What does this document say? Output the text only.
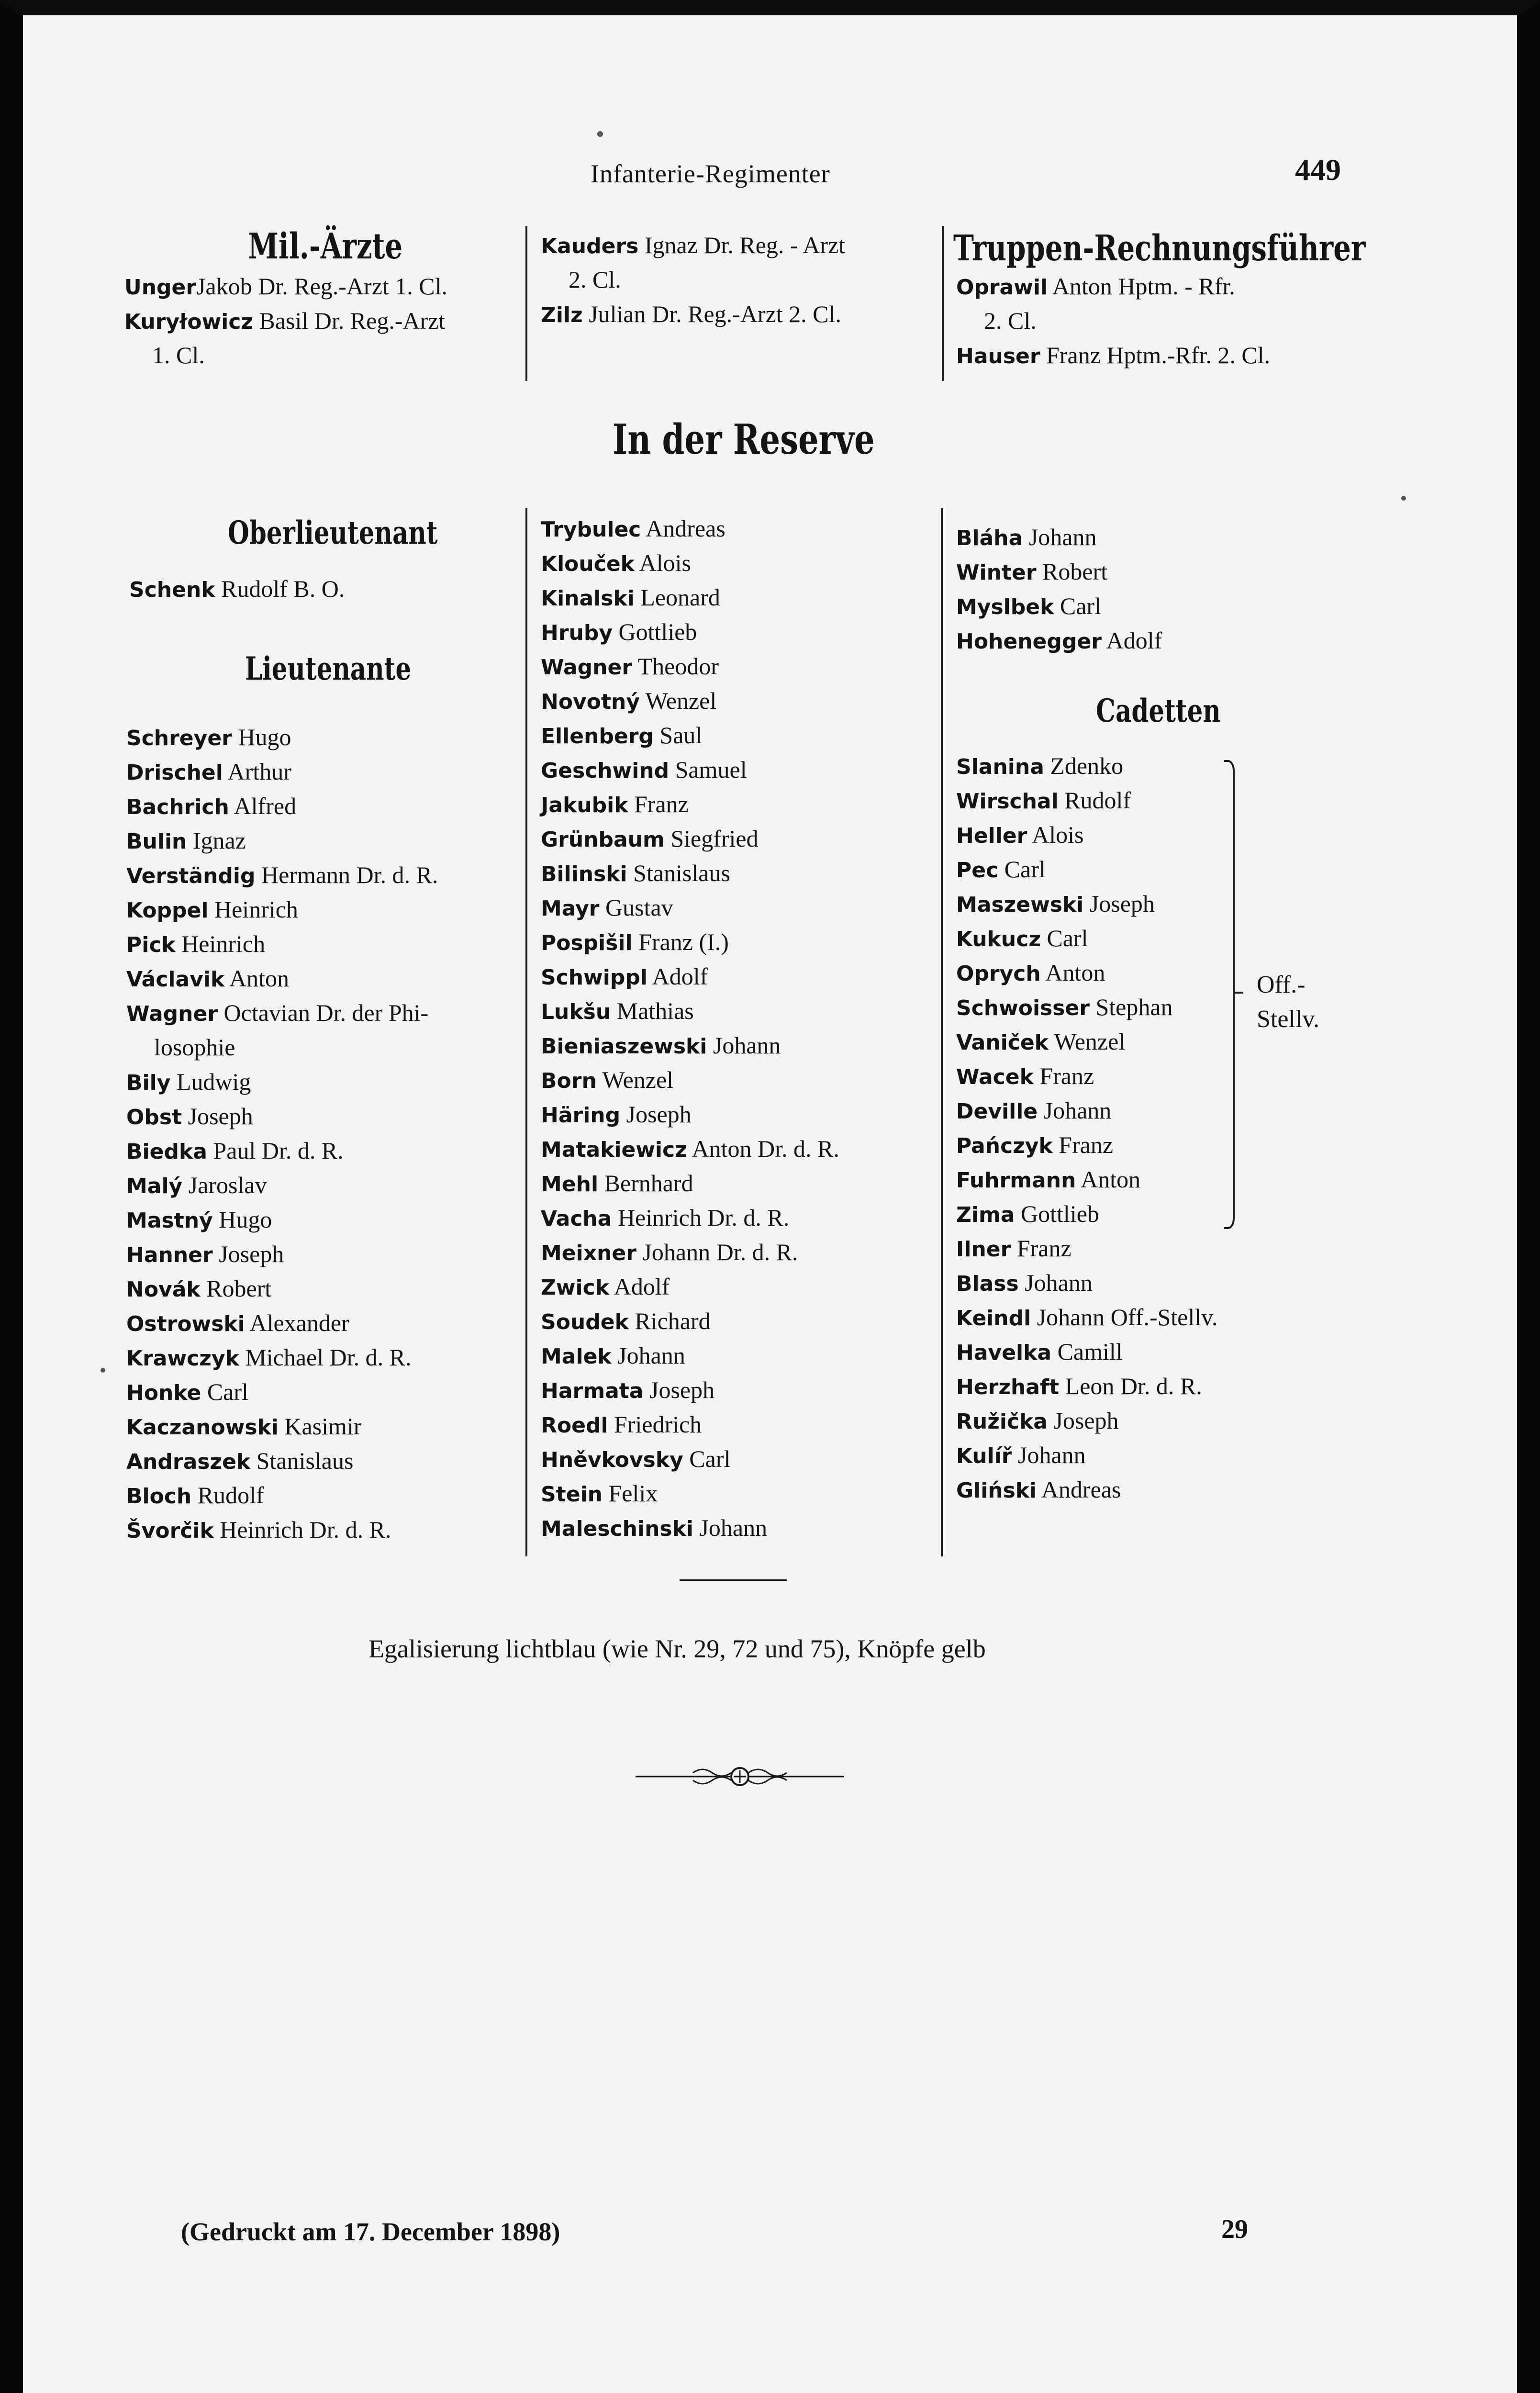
Infanterie-Regimenter	449
Mil.-Ärzte
UngerJakob Dr. Reg.-Arzt 1. Cl.
Kuryłowicz Basil Dr. Reg.-Arzt
1. Cl.
Kauders Ignaz Dr. Reg. - Arzt
2. Cl.
Zilz Julian Dr. Reg.-Arzt 2. Cl.
Truppen-Rechnungsführer
Oprawil Anton Hptm. - Rfr.
2. Cl.
Hauser Franz Hptm.-Rfr. 2. Cl.
In der Reserve
Oberlieutenant
Schenk Rudolf B. O.
Lieutenante
Schreyer Hugo
Drischel Arthur
Bachrich Alfred
Bulin Ignaz
Verständig Hermann Dr. d. R.
Koppel Heinrich
Pick Heinrich
Václavik Anton
Wagner Octavian Dr. der Phi-
losophie
Bily Ludwig
Obst Joseph
Biedka Paul Dr. d. R.
Malý Jaroslav
Mastný Hugo
Hanner Joseph
Novák Robert
Ostrowski Alexander
Krawczyk Michael Dr. d. R.
Honke Carl
Kaczanowski Kasimir
Andraszek Stanislaus
Bloch Rudolf
Švorčik Heinrich Dr. d. R.
Trybulec Andreas
Klouček Alois
Kinalski Leonard
Hruby Gottlieb
Wagner Theodor
Novotný Wenzel
Ellenberg Saul
Geschwind Samuel
Jakubik Franz
Grünbaum Siegfried
Bilinski Stanislaus
Mayr Gustav
Pospišil Franz (I.)
Schwippl Adolf
Lukšu Mathias
Bieniaszewski Johann
Born Wenzel
Häring Joseph
Matakiewicz Anton Dr. d. R.
Mehl Bernhard
Vacha Heinrich Dr. d. R.
Meixner Johann Dr. d. R.
Zwick Adolf
Soudek Richard
Malek Johann
Harmata Joseph
Roedl Friedrich
Hněvkovsky Carl
Stein Felix
Maleschinski Johann
Bláha Johann
Winter Robert
Myslbek Carl
Hohenegger Adolf
Cadetten
Slanina Zdenko
Wirschal Rudolf
Heller Alois
Pec Carl
Maszewski Joseph
Kukucz Carl
Oprych Anton
Schwoisser Stephan
Vaniček Wenzel
Wacek Franz
Deville Johann
Pańczyk Franz
Fuhrmann Anton
Zima Gottlieb
Ilner Franz
Blass Johann
Keindl Johann Off.-Stellv.
Havelka Camill
Herzhaft Leon Dr. d. R.
Ružička Joseph
Kulíř Johann
Gliński Andreas
Off.-
Stellv.
Egalisierung lichtblau (wie Nr. 29, 72 und 75), Knöpfe gelb
(Gedruckt am 17. December 1898)	29
